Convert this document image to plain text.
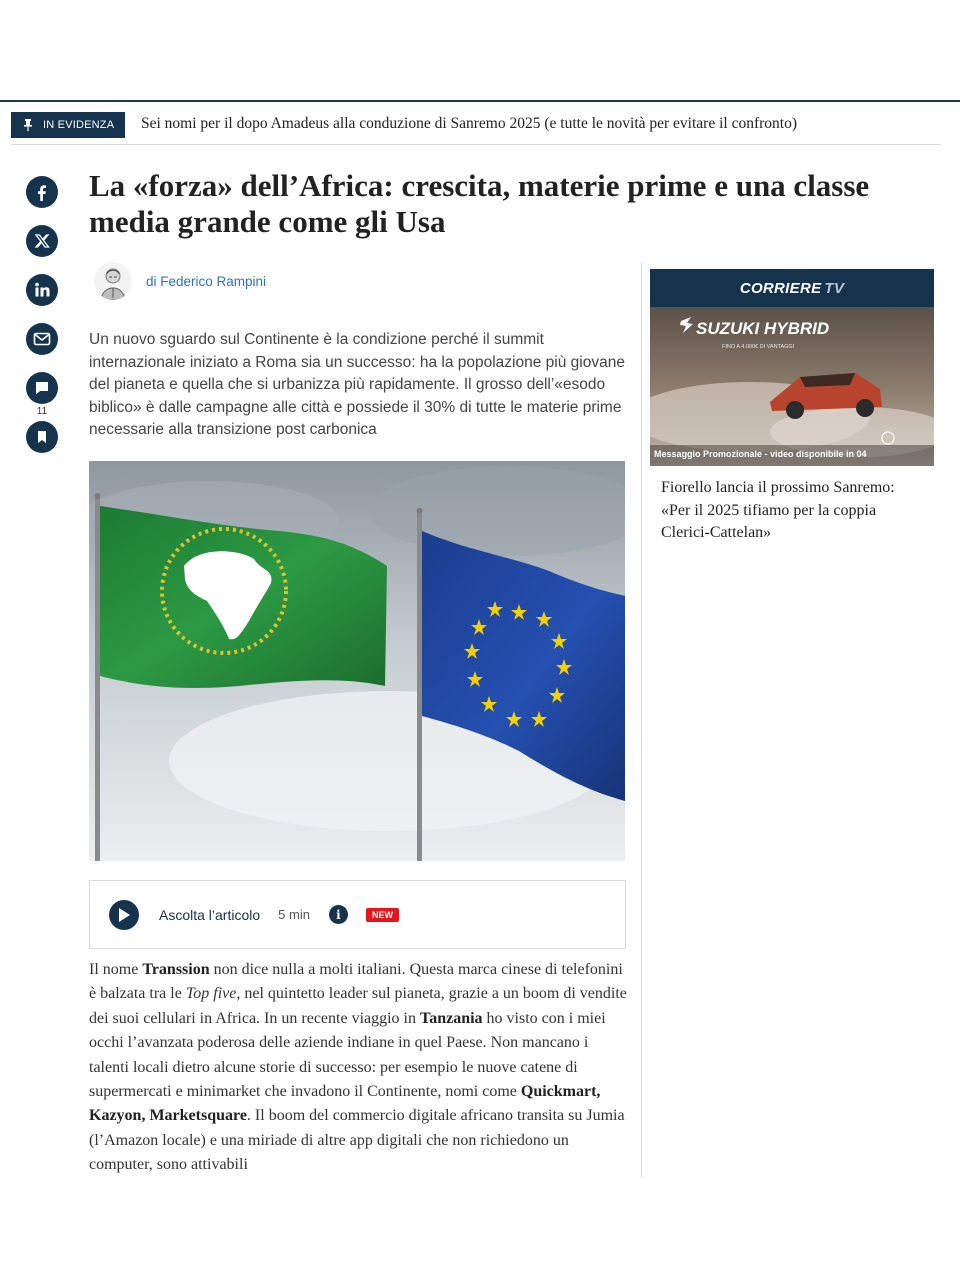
IN EVIDENZA Sei nomi per il dopo Amadeus alla conduzione di Sanremo 2025 (e tutte le novità per evitare il confronto)
11
La «forza» dell’Africa: crescita, materie prime e una classe media grande come gli Usa
di Federico Rampini

Un nuovo sguardo sul Continente è la condizione perché il summit internazionale iniziato a Roma sia un successo: ha la popolazione più giovane del pianeta e quella che si urbanizza più rapidamente. Il grosso dell’«esodo biblico» è dalle campagne alle città e possiede il 30% di tutte le materie prime necessarie alla transizione post carbonica

Ascolta l’articolo 5 min	i	NEW

Il nome Transsion non dice nulla a molti italiani. Questa marca cinese di telefonini è balzata tra le Top five, nel quintetto leader sul pianeta, grazie a un boom di vendite dei suoi cellulari in Africa. In un recente viaggio in Tanzania ho visto con i miei occhi l’avanzata poderosa delle aziende indiane in quel Paese. Non mancano i talenti locali dietro alcune storie di successo: per esempio le nuove catene di supermercati e minimarket che invadono il Continente, nomi come Quickmart, Kazyon, Marketsquare. Il boom del commercio digitale africano transita su Jumia (l’Amazon locale) e una miriade di altre app digitali che non richiedono un computer, sono attivabili

CORRIERE TV
SUZUKI HYBRID
FINO A 4.000€ DI VANTAGGI
Messaggio Promozionale - video disponibile in 04

Fiorello lancia il prossimo Sanremo: «Per il 2025 tifiamo per la coppia Clerici-Cattelan»
